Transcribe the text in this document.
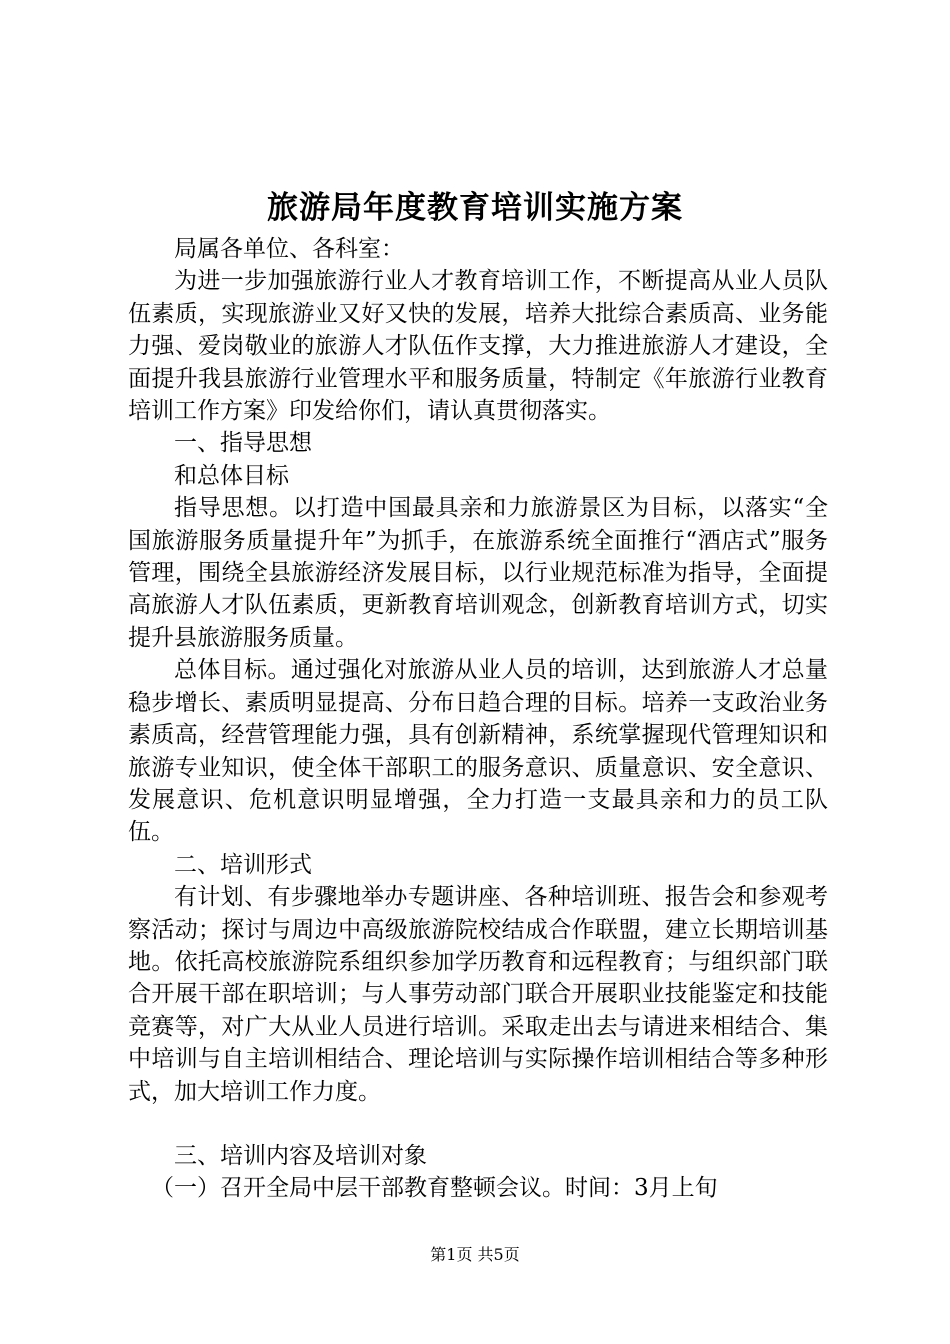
旅游局年度教育培训实施方案

局属各单位、各科室：

为进一步加强旅游行业人才教育培训工作，不断提高从业人员队伍素质，实现旅游业又好又快的发展，培养大批综合素质高、业务能力强、爱岗敬业的旅游人才队伍作支撑，大力推进旅游人才建设，全面提升我县旅游行业管理水平和服务质量，特制定《年旅游行业教育培训工作方案》印发给你们，请认真贯彻落实。

一、指导思想

和总体目标

指导思想。以打造中国最具亲和力旅游景区为目标，以落实“全国旅游服务质量提升年”为抓手，在旅游系统全面推行“酒店式”服务管理，围绕全县旅游经济发展目标，以行业规范标准为指导，全面提高旅游人才队伍素质，更新教育培训观念，创新教育培训方式，切实提升县旅游服务质量。

总体目标。通过强化对旅游从业人员的培训，达到旅游人才总量稳步增长、素质明显提高、分布日趋合理的目标。培养一支政治业务素质高，经营管理能力强，具有创新精神，系统掌握现代管理知识和旅游专业知识，使全体干部职工的服务意识、质量意识、安全意识、发展意识、危机意识明显增强，全力打造一支最具亲和力的员工队伍。

二、培训形式

有计划、有步骤地举办专题讲座、各种培训班、报告会和参观考察活动；探讨与周边中高级旅游院校结成合作联盟，建立长期培训基地。依托高校旅游院系组织参加学历教育和远程教育；与组织部门联合开展干部在职培训；与人事劳动部门联合开展职业技能鉴定和技能竞赛等，对广大从业人员进行培训。采取走出去与请进来相结合、集中培训与自主培训相结合、理论培训与实际操作培训相结合等多种形式，加大培训工作力度。

三、培训内容及培训对象

（一）召开全局中层干部教育整顿会议。时间：3月上旬

第1页 共5页
